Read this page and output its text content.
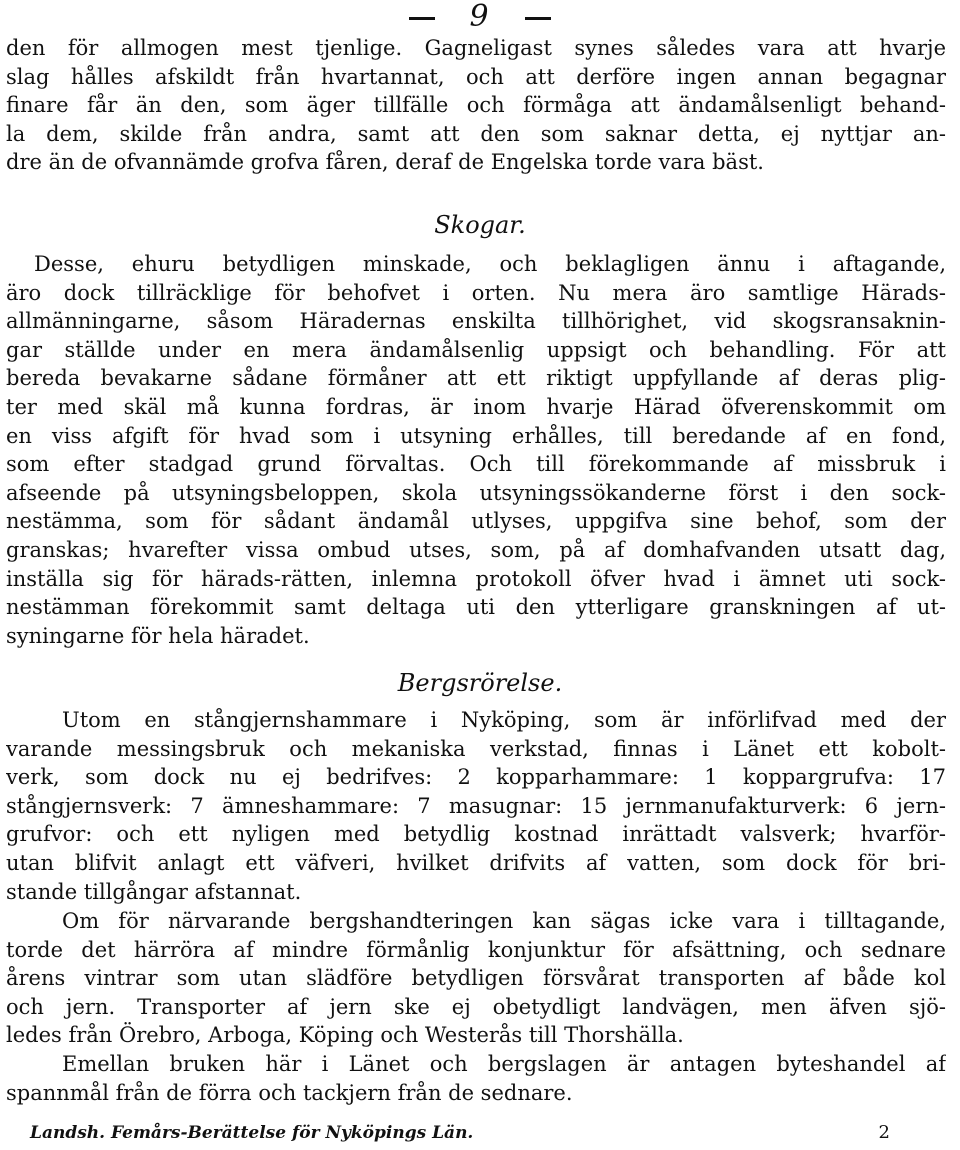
9
den för allmogen mest tjenlige. Gagneligast synes således vara att hvarje
slag hålles afskildt från hvartannat, och att derföre ingen annan begagnar
finare får än den, som äger tillfälle och förmåga att ändamålsenligt behand-
la dem, skilde från andra, samt att den som saknar detta, ej nyttjar an-
dre än de ofvannämde grofva fåren, deraf de Engelska torde vara bäst.
Skogar.
Desse, ehuru betydligen minskade, och beklagligen ännu i aftagande,
äro dock tillräcklige för behofvet i orten. Nu mera äro samtlige Härads-
allmänningarne, såsom Häradernas enskilta tillhörighet, vid skogsransaknin-
gar ställde under en mera ändamålsenlig uppsigt och behandling. För att
bereda bevakarne sådane förmåner att ett riktigt uppfyllande af deras plig-
ter med skäl må kunna fordras, är inom hvarje Härad öfverenskommit om
en viss afgift för hvad som i utsyning erhålles, till beredande af en fond,
som efter stadgad grund förvaltas. Och till förekommande af missbruk i
afseende på utsyningsbeloppen, skola utsyningssökanderne först i den sock-
nestämma, som för sådant ändamål utlyses, uppgifva sine behof, som der
granskas; hvarefter vissa ombud utses, som, på af domhafvanden utsatt dag,
inställa sig för härads-rätten, inlemna protokoll öfver hvad i ämnet uti sock-
nestämman förekommit samt deltaga uti den ytterligare granskningen af ut-
syningarne för hela häradet.
Bergsrörelse.
Utom en stångjernshammare i Nyköping, som är införlifvad med der
varande messingsbruk och mekaniska verkstad, finnas i Länet ett kobolt-
verk, som dock nu ej bedrifves: 2 kopparhammare: 1 koppargrufva: 17
stångjernsverk: 7 ämneshammare: 7 masugnar: 15 jernmanufakturverk: 6 jern-
grufvor: och ett nyligen med betydlig kostnad inrättadt valsverk; hvarför-
utan blifvit anlagt ett väfveri, hvilket drifvits af vatten, som dock för bri-
stande tillgångar afstannat.
Om för närvarande bergshandteringen kan sägas icke vara i tilltagande,
torde det härröra af mindre förmånlig konjunktur för afsättning, och sednare
årens vintrar som utan slädföre betydligen försvårat transporten af både kol
och jern. Transporter af jern ske ej obetydligt landvägen, men äfven sjö-
ledes från Örebro, Arboga, Köping och Westerås till Thorshälla.
Emellan bruken här i Länet och bergslagen är antagen byteshandel af
spannmål från de förra och tackjern från de sednare.
Landsh. Femårs-Berättelse för Nyköpings Län.	2
